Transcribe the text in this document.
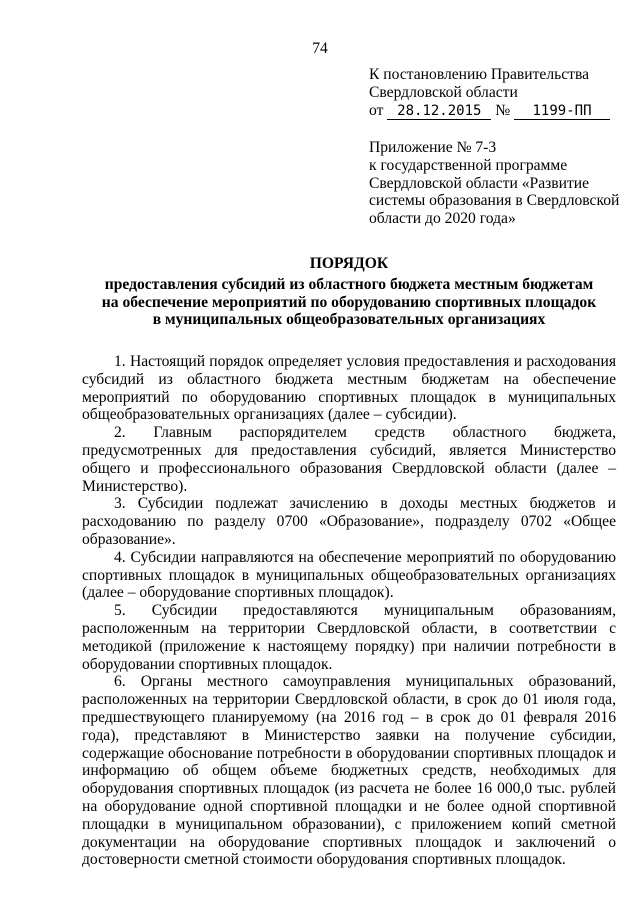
74
К постановлению Правительства
Свердловской области
от 28.12.2015 № 1199-ПП
Приложение № 7-3
к государственной программе
Свердловской области «Развитие
системы образования в Свердловской
области до 2020 года»
ПОРЯДОК
предоставления субсидий из областного бюджета местным бюджетам
на обеспечение мероприятий по оборудованию спортивных площадок
в муниципальных общеобразовательных организациях

1. Настоящий порядок определяет условия предоставления и расходования субсидий из областного бюджета местным бюджетам на обеспечение мероприятий по оборудованию спортивных площадок в муниципальных общеобразовательных организациях (далее – субсидии).

2. Главным распорядителем средств областного бюджета, предусмотренных для предоставления субсидий, является Министерство общего и профессионального образования Свердловской области (далее – Министерство).

3. Субсидии подлежат зачислению в доходы местных бюджетов и расходованию по разделу 0700 «Образование», подразделу 0702 «Общее образование».

4. Субсидии направляются на обеспечение мероприятий по оборудованию спортивных площадок в муниципальных общеобразовательных организациях (далее – оборудование спортивных площадок).

5. Субсидии предоставляются муниципальным образованиям, расположенным на территории Свердловской области, в соответствии с методикой (приложение к настоящему порядку) при наличии потребности в оборудовании спортивных площадок.

6. Органы местного самоуправления муниципальных образований, расположенных на территории Свердловской области, в срок до 01 июля года, предшествующего планируемому (на 2016 год – в срок до 01 февраля 2016 года), представляют в Министерство заявки на получение субсидии, содержащие обоснование потребности в оборудовании спортивных площадок и информацию об общем объеме бюджетных средств, необходимых для оборудования спортивных площадок (из расчета не более 16 000,0 тыс. рублей на оборудование одной спортивной площадки и не более одной спортивной площадки в муниципальном образовании), с приложением копий сметной документации на оборудование спортивных площадок и заключений о достоверности сметной стоимости оборудования спортивных площадок.
